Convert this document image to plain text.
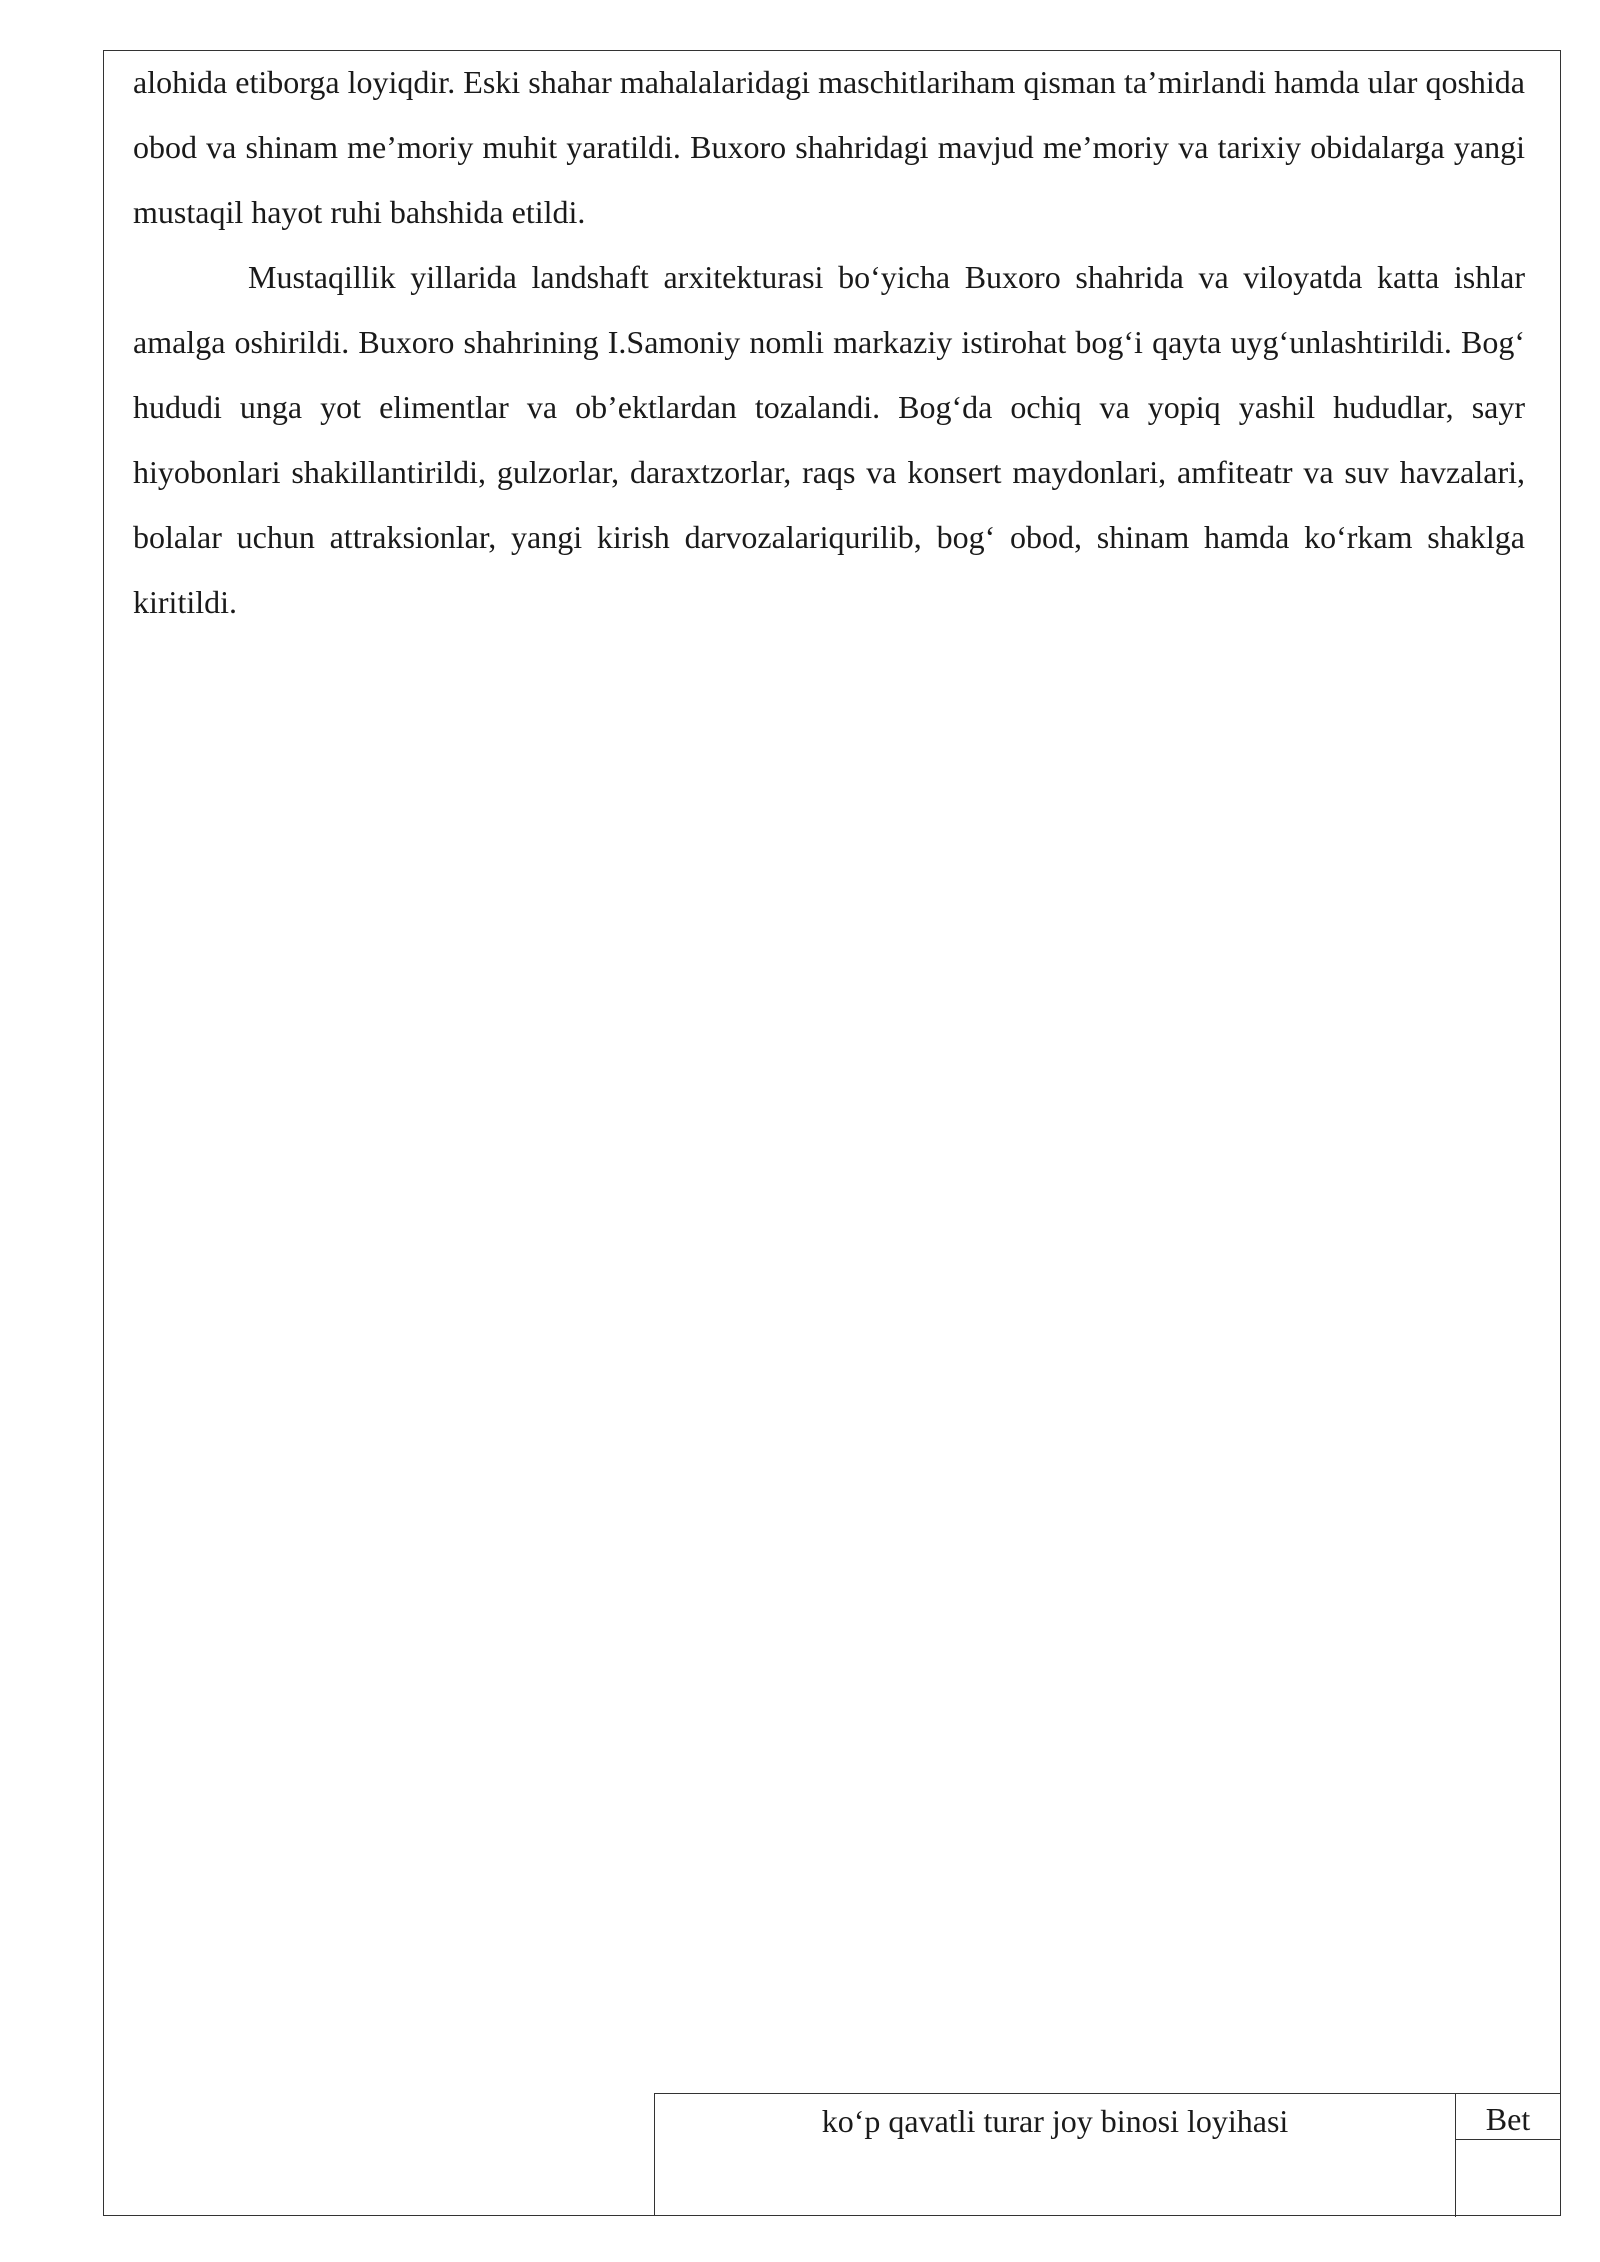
alohida etiborga loyiqdir. Eski shahar mahalalaridagi maschitlariham qisman ta’mirlandi hamda ular qoshida obod va shinam me’moriy muhit yaratildi. Buxoro shahridagi mavjud me’moriy va tarixiy obidalarga yangi mustaqil hayot ruhi bahshida etildi.

Mustaqillik yillarida landshaft arxitekturasi bo‘yicha Buxoro shahrida va viloyatda katta ishlar amalga oshirildi. Buxoro shahrining I.Samoniy nomli markaziy istirohat bog‘i qayta uyg‘unlashtirildi. Bog‘ hududi unga yot elimentlar va ob’ektlardan tozalandi. Bog‘da ochiq va yopiq yashil hududlar, sayr hiyobonlari shakillantirildi, gulzorlar, daraxtzorlar, raqs va konsert maydonlari, amfiteatr va suv havzalari, bolalar uchun attraksionlar, yangi kirish darvozalariqurilib, bog‘ obod, shinam hamda ko‘rkam shaklga kiritildi.

ko‘p qavatli turar joy binosi loyihasi	Bet
